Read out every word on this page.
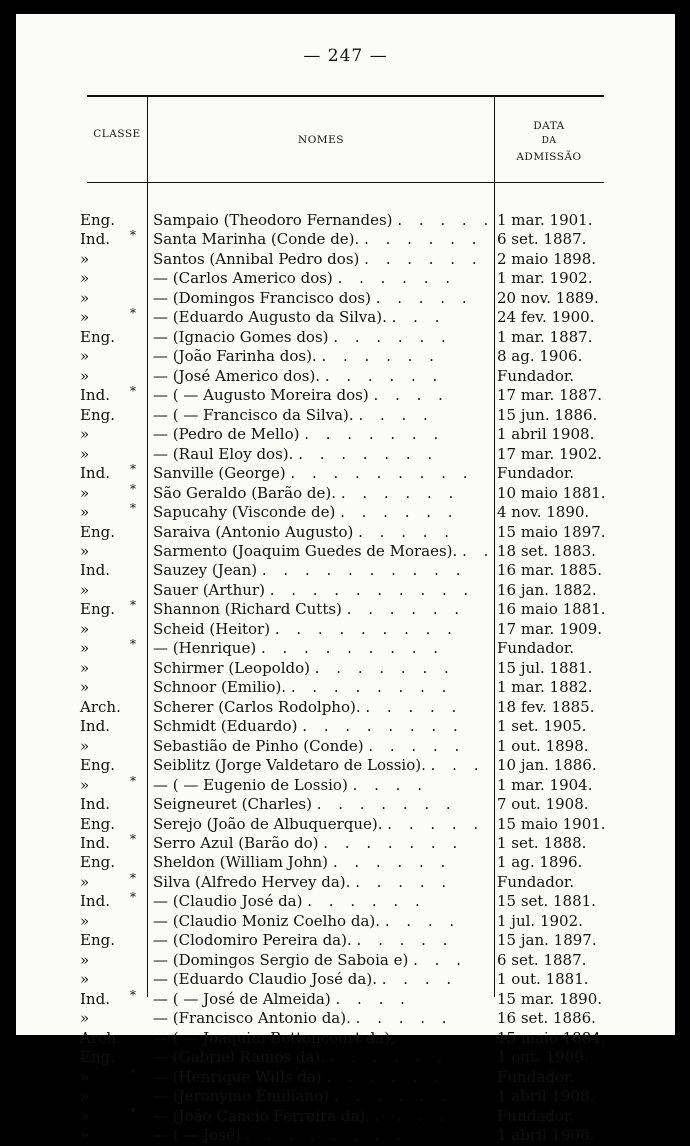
— 247 —
CLASSE	NOMES
DATA
DA
ADMISSÃO
Eng.	Sampaio (Theodoro Fernandes) . . . . . 1 mar. 1901.
Ind.	* Santa Marinha (Conde de). . . . . . . 6 set. 1887.
»	Santos (Annibal Pedro dos) . . . . . . 2 maio 1898.
»	— (Carlos Americo dos) . . . . . .	1 mar. 1902.
»	— (Domingos Francisco dos) . . . . .	20 nov. 1889.
»	* — (Eduardo Augusto da Silva). . . .	24 fev. 1900.
Eng.	— (Ignacio Gomes dos) . . . . . .	1 mar. 1887.
»	— (João Farinha dos). . . . . . .	8 ag. 1906.
»	— (José Americo dos). . . . . . .	Fundador.
Ind.	* — ( — Augusto Moreira dos) . . . .	17 mar. 1887.
Eng.	— ( — Francisco da Silva). . . . .	15 jun. 1886.
»	— (Pedro de Mello) . . . . . . .	1 abril 1908.
»	— (Raul Eloy dos). . . . . . . .	17 mar. 1902.
Ind.	* Sanville (George) . . . . . . . . .	Fundador.
»	* São Geraldo (Barão de). . . . . . .	10 maio 1881.
»	* Sapucahy (Visconde de) . . . . . .	4 nov. 1890.
Eng.	Saraiva (Antonio Augusto) . . . . .	15 maio 1897.
»	Sarmento (Joaquim Guedes de Moraes). . . 18 set. 1883.
Ind.	Sauzey (Jean) . . . . . . . . . .	16 mar. 1885.
»	Sauer (Arthur) . . . . . . . . . .	16 jan. 1882.
Eng.	* Shannon (Richard Cutts) . . . . . .	16 maio 1881.
»	Scheid (Heitor) . . . . . . . . .	17 mar. 1909.
»	* — (Henrique) . . . . . . . . .	Fundador.
»	Schirmer (Leopoldo) . . . . . . .	15 jul. 1881.
»	Schnoor (Emilio). . . . . . . . .	1 mar. 1882.
Arch.	Scherer (Carlos Rodolpho). . . . . .	18 fev. 1885.
Ind.	Schmidt (Eduardo) . . . . . . . .	1 set. 1905.
»	Sebastião de Pinho (Conde) . . . . .	1 out. 1898.
Eng.	Seiblitz (Jorge Valdetaro de Lossio). . . . 10 jan. 1886.
»	* — ( — Eugenio de Lossio) . . . .	1 mar. 1904.
Ind.	Seigneuret (Charles) . . . . . . .	7 out. 1908.
Eng.	Serejo (João de Albuquerque). . . . . . 15 maio 1901.
Ind.	* Serro Azul (Barão do) . . . . . . .	1 set. 1888.
Eng.	Sheldon (William John) . . . . . .	1 ag. 1896.
»	* Silva (Alfredo Hervey da). . . . . .	Fundador.
Ind.	* — (Claudio José da) . . . . . .	15 set. 1881.
»	— (Claudio Moniz Coelho da). . . . .	1 jul. 1902.
Eng.	— (Clodomiro Pereira da). . . . . .	15 jan. 1897.
»	— (Domingos Sergio de Saboia e) . . .	6 set. 1887.
»	— (Eduardo Claudio José da). . . . .	1 out. 1881.
Ind.	* — ( — José de Almeida) . . . .	15 mar. 1890.
»	— (Francisco Antonio da). . . . . .	16 set. 1886.
Arch.	— ( — Joaquim Bettencourt da),	15 maio 1884.
Eng.	— (Gabriel Ramos da). . . . . . .	1 out. 1909.
»	* — (Henrique Wills da) . . . . . .	Fundador.
»	— (Jeronymo Emiliano) . . . . . .	1 abril 1908.
»	* — (João Cancio Ferreira da). . . . .	Fundador.
»	— ( — José) . . . . . . . .	1 abril 1908.
